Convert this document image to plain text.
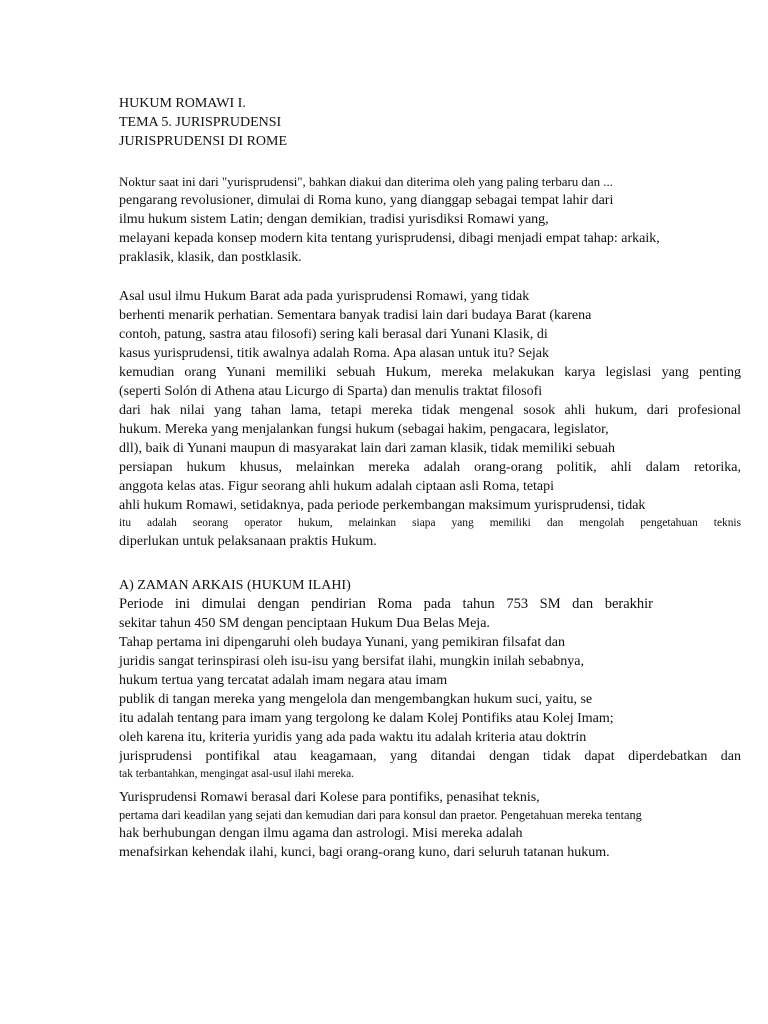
HUKUM ROMAWI I.
TEMA 5. JURISPRUDENSI
JURISPRUDENSI DI ROME
Noktur saat ini dari "yurisprudensi", bahkan diakui dan diterima oleh yang paling terbaru dan ...
pengarang revolusioner, dimulai di Roma kuno, yang dianggap sebagai tempat lahir dari
ilmu hukum sistem Latin; dengan demikian, tradisi yurisdiksi Romawi yang,
melayani kepada konsep modern kita tentang yurisprudensi, dibagi menjadi empat tahap: arkaik,
praklasik, klasik, dan postklasik.
Asal usul ilmu Hukum Barat ada pada yurisprudensi Romawi, yang tidak
berhenti menarik perhatian. Sementara banyak tradisi lain dari budaya Barat (karena
contoh, patung, sastra atau filosofi) sering kali berasal dari Yunani Klasik, di
kasus yurisprudensi, titik awalnya adalah Roma. Apa alasan untuk itu? Sejak
kemudian orang Yunani memiliki sebuah Hukum, mereka melakukan karya legislasi yang penting
(seperti Solón di Athena atau Licurgo di Sparta) dan menulis traktat filosofi
dari hak nilai yang tahan lama, tetapi mereka tidak mengenal sosok ahli hukum, dari profesional
hukum. Mereka yang menjalankan fungsi hukum (sebagai hakim, pengacara, legislator,
dll), baik di Yunani maupun di masyarakat lain dari zaman klasik, tidak memiliki sebuah
persiapan hukum khusus, melainkan mereka adalah orang-orang politik, ahli dalam retorika,
anggota kelas atas. Figur seorang ahli hukum adalah ciptaan asli Roma, tetapi
ahli hukum Romawi, setidaknya, pada periode perkembangan maksimum yurisprudensi, tidak
itu adalah seorang operator hukum, melainkan siapa yang memiliki dan mengolah pengetahuan teknis
diperlukan untuk pelaksanaan praktis Hukum.
A) ZAMAN ARKAIS (HUKUM ILAHI)
Periode ini dimulai dengan pendirian Roma pada tahun 753 SM dan berakhir
sekitar tahun 450 SM dengan penciptaan Hukum Dua Belas Meja.
Tahap pertama ini dipengaruhi oleh budaya Yunani, yang pemikiran filsafat dan
juridis sangat terinspirasi oleh isu-isu yang bersifat ilahi, mungkin inilah sebabnya,
hukum tertua yang tercatat adalah imam negara atau imam
publik di tangan mereka yang mengelola dan mengembangkan hukum suci, yaitu, se
itu adalah tentang para imam yang tergolong ke dalam Kolej Pontifiks atau Kolej Imam;
oleh karena itu, kriteria yuridis yang ada pada waktu itu adalah kriteria atau doktrin
jurisprudensi pontifikal atau keagamaan, yang ditandai dengan tidak dapat diperdebatkan dan
tak terbantahkan, mengingat asal-usul ilahi mereka.
Yurisprudensi Romawi berasal dari Kolese para pontifiks, penasihat teknis,
pertama dari keadilan yang sejati dan kemudian dari para konsul dan praetor. Pengetahuan mereka tentang
hak berhubungan dengan ilmu agama dan astrologi. Misi mereka adalah
menafsirkan kehendak ilahi, kunci, bagi orang-orang kuno, dari seluruh tatanan hukum.
